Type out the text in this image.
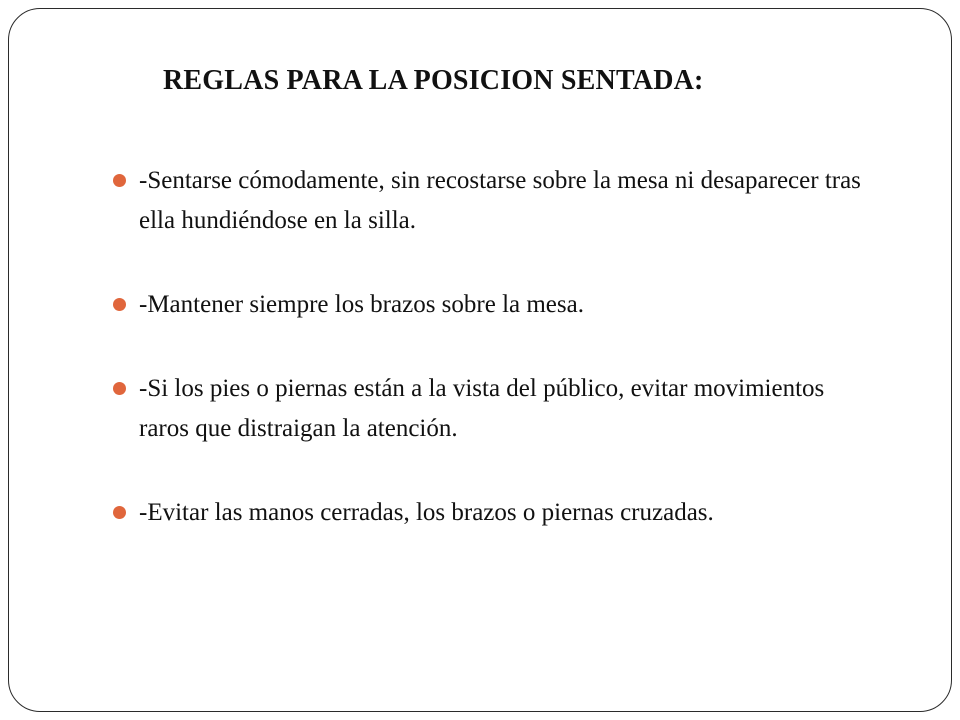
REGLAS PARA LA POSICION SENTADA:
-Sentarse cómodamente, sin recostarse sobre la mesa ni desaparecer tras ella hundiéndose en la silla.
-Mantener siempre los brazos sobre la mesa.
-Si los pies o piernas están a la vista del público, evitar movimientos raros que distraigan la atención.
-Evitar las manos cerradas, los brazos o piernas cruzadas.
